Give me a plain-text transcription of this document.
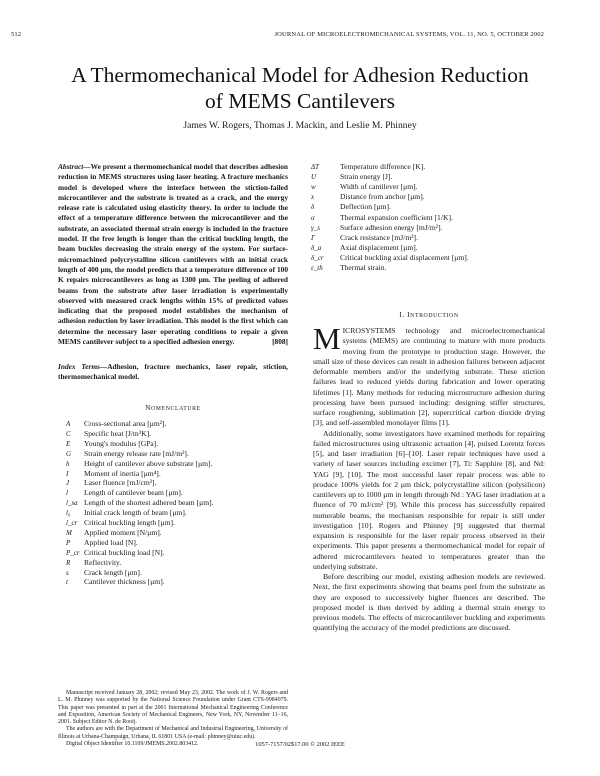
512	JOURNAL OF MICROELECTROMECHANICAL SYSTEMS, VOL. 11, NO. 5, OCTOBER 2002
A Thermomechanical Model for Adhesion Reduction
of MEMS Cantilevers
James W. Rogers, Thomas J. Mackin, and Leslie M. Phinney
Abstract—We present a thermomechanical model that describes adhesion reduction in MEMS structures using laser heating. A fracture mechanics model is developed where the interface between the stiction-failed microcantilever and the substrate is treated as a crack, and the energy release rate is calculated using elasticity theory. In order to include the effect of a temperature difference between the microcantilever and the substrate, an associated thermal strain energy is included in the fracture model. If the free length is longer than the critical buckling length, the beam buckles decreasing the strain energy of the system. For surface-micromachined polycrystalline silicon cantilevers with an initial crack length of 400 μm, the model predicts that a temperature difference of 100 K repairs microcantilevers as long as 1300 μm. The peeling of adhered beams from the substrate after laser irradiation is experimentally observed with measured crack lengths within 15% of predicted values indicating that the proposed model establishes the mechanism of adhesion reduction by laser irradiation. This model is the first which can determine the necessary laser operating conditions to repair a given MEMS cantilever subject to a specified adhesion energy.	[808]
Index Terms—Adhesion, fracture mechanics, laser repair, stiction, thermomechanical model.
NOMENCLATURE
A Cross-sectional area [μm²].
C Specific heat [J/m³K].
E Young's modulus [GPa].
G Strain energy release rate [mJ/m²].
h Height of cantilever above substrate [μm].
I Moment of inertia [μm⁴].
J Laser fluence [mJ/cm²].
l Length of cantilever beam [μm].
l_sa Length of the shortest adhered beam [μm].
l₀ Initial crack length of beam [μm].
l_cr Critical buckling length [μm].
M Applied moment [N/μm].
P Applied load [N].
P_cr Critical buckling load [N].
R Reflectivity.
s Crack length [μm].
t Cantilever thickness [μm].
ΔT	Temperature difference [K].
U	Strain energy [J].
w	Width of cantilever [μm].
x	Distance from anchor [μm].
δ	Deflection [μm].
α	Thermal expansion coefficient [1/K].
γ_s	Surface adhesion energy [mJ/m²].
Γ	Crack resistance [mJ/m²].
δ_a Axial displacement [μm].
δ_cr Critical buckling axial displacement [μm].
ε_th Thermal strain.

Manuscript received January 28, 2002; revised May 23, 2002. The work of J. W. Rogers and L. M. Phinney was supported by the National Science Foundation under Grant CTS-9984979. This paper was presented in part at the 2001 International Mechanical Engineering Conference and Exposition, American Society of Mechanical Engineers, New York, NY, November 11–16, 2001. Subject Editor N. de Rooij.

The authors are with the Department of Mechanical and Industrial Engineering, University of Illinois at Urbana-Champaign, Urbana, IL 61801 USA (e-mail: phinney@uiuc.edu).

Digital Object Identifier 10.1109/JMEMS.2002.803412.

I. INTRODUCTION

MICROSYSTEMS technology and microelectromechanical systems (MEMS) are continuing to mature with more products moving from the prototype to production stage. However, the small size of these devices can result in adhesion failures between adjacent deformable members and/or the underlying substrate. These stiction failures lead to reduced yields during fabrication and lower operating lifetimes [1]. Many methods for reducing microstructure adhesion during processing have been pursued including: designing stiffer structures, surface roughening, sublimation [2], supercritical carbon dioxide drying [3], and self-assembled monolayer films [1].

Additionally, some investigators have examined methods for repairing failed microstructures using ultrasonic actuation [4], pulsed Lorentz forces [5], and laser irradiation [6]–[10]. Laser repair techniques have used a variety of laser sources including excimer [7], Ti: Sapphire [8], and Nd: YAG [9], [10]. The most successful laser repair process was able to produce 100% yields for 2 μm thick, polycrystalline silicon (polysilicon) cantilevers up to 1000 μm in length through Nd : YAG laser irradiation at a fluence of 70 mJ/cm² [9]. While this process has successfully repaired numerable beams, the mechanism responsible for repair is still under investigation [10]. Rogers and Phinney [9] suggested that thermal expansion is responsible for the laser repair process observed in their experiments. This paper presents a thermomechanical model for repair of adhered microcantilevers heated to temperatures greater than the underlying substrate.

Before describing our model, existing adhesion models are reviewed. Next, the first experiments showing that beams peel from the substrate as they are exposed to successively higher fluences are described. The proposed model is then derived by adding a thermal strain energy to previous models. The effects of microcantilever buckling and experiments quantifying the accuracy of the model predictions are discussed.

1057-7157/02$17.00 © 2002 IEEE
